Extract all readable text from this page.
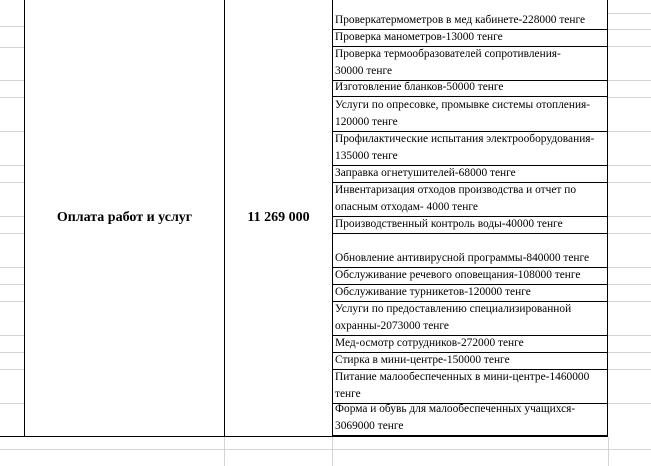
Оплата работ и услуг	11 269 000
Проверкатермометров в мед кабинете-228000 тенге
Проверка манометров-13000 тенге
Проверка термообразователей сопротивления-
30000 тенге
Изготовление бланков-50000 тенге
Услуги по опресовке, промывке системы отопления-
120000 тенге
Профилактические испытания электрооборудования-
135000 тенге
Заправка огнетушителей-68000 тенге
Инвентаризация отходов производства и отчет по
опасным отходам- 4000 тенге
Производственный контроль воды-40000 тенге
Обновление антивирусной программы-840000 тенге
Обслуживание речевого оповещания-108000 тенге
Обслуживание турникетов-120000 тенге
Услуги по предоставлению специализированной
охранны-2073000 тенге
Мед-осмотр сотрудников-272000 тенге
Стирка в мини-центре-150000 тенге
Питание малообеспеченных в мини-центре-1460000
тенге
Форма и обувь для малообеспеченных учащихся-
3069000 тенге
